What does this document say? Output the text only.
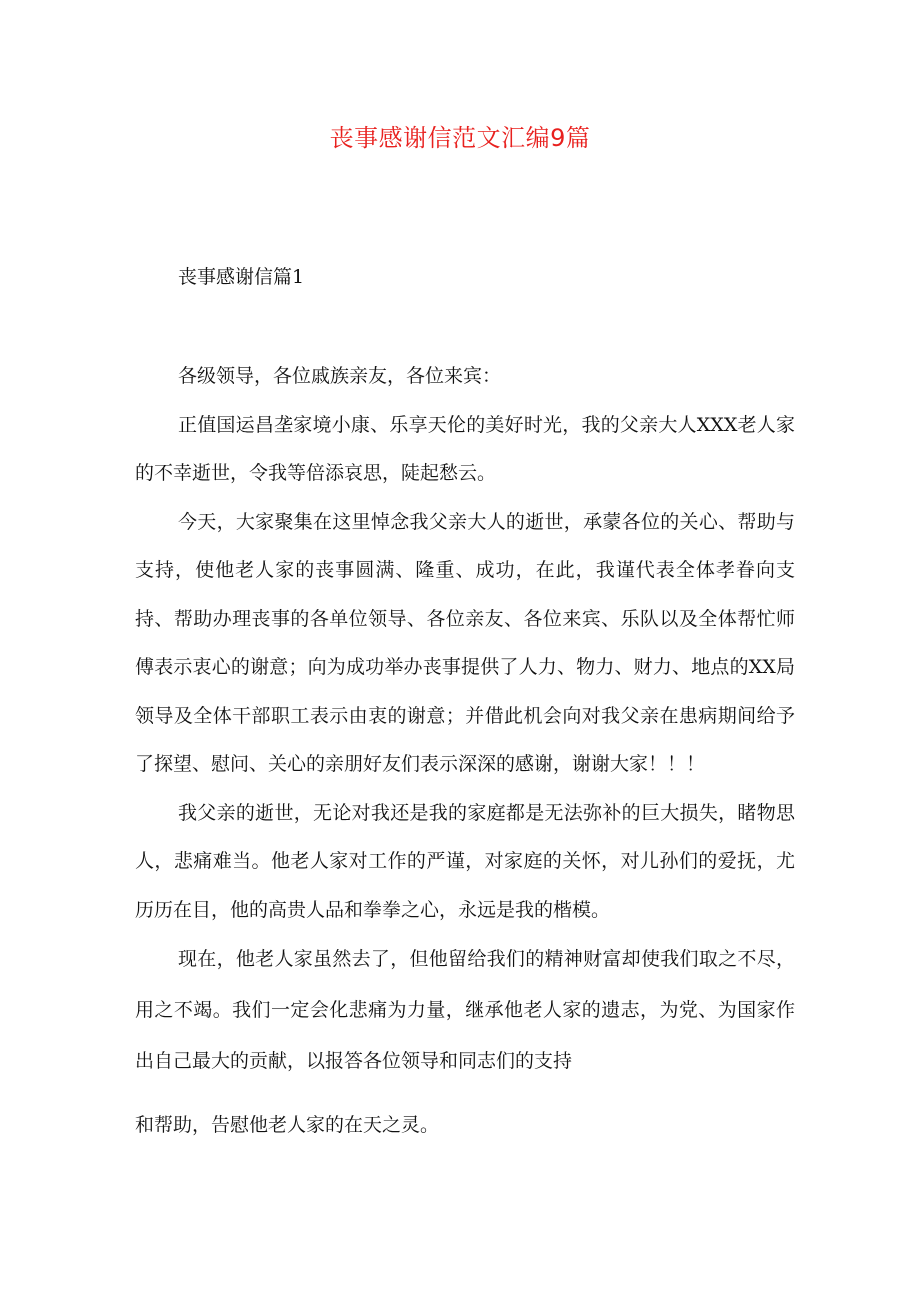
丧事感谢信范文汇编9篇
丧事感谢信篇1

各级领导，各位戚族亲友，各位来宾：

正值国运昌垄家境小康、乐享天伦的美好时光，我的父亲大人XXX老人家的不幸逝世，令我等倍添哀思，陡起愁云。

今天，大家聚集在这里悼念我父亲大人的逝世，承蒙各位的关心、帮助与支持，使他老人家的丧事圆满、隆重、成功，在此，我谨代表全体孝眷向支持、帮助办理丧事的各单位领导、各位亲友、各位来宾、乐队以及全体帮忙师傅表示衷心的谢意；向为成功举办丧事提供了人力、物力、财力、地点的XX局领导及全体干部职工表示由衷的谢意；并借此机会向对我父亲在患病期间给予了探望、慰问、关心的亲朋好友们表示深深的感谢，谢谢大家！！！

我父亲的逝世，无论对我还是我的家庭都是无法弥补的巨大损失，睹物思人，悲痛难当。他老人家对工作的严谨，对家庭的关怀，对儿孙们的爱抚，尤历历在目，他的高贵人品和拳拳之心，永远是我的楷模。

现在，他老人家虽然去了，但他留给我们的精神财富却使我们取之不尽，用之不竭。我们一定会化悲痛为力量，继承他老人家的遗志，为党、为国家作出自己最大的贡献，以报答各位领导和同志们的支持

和帮助，告慰他老人家的在天之灵。
